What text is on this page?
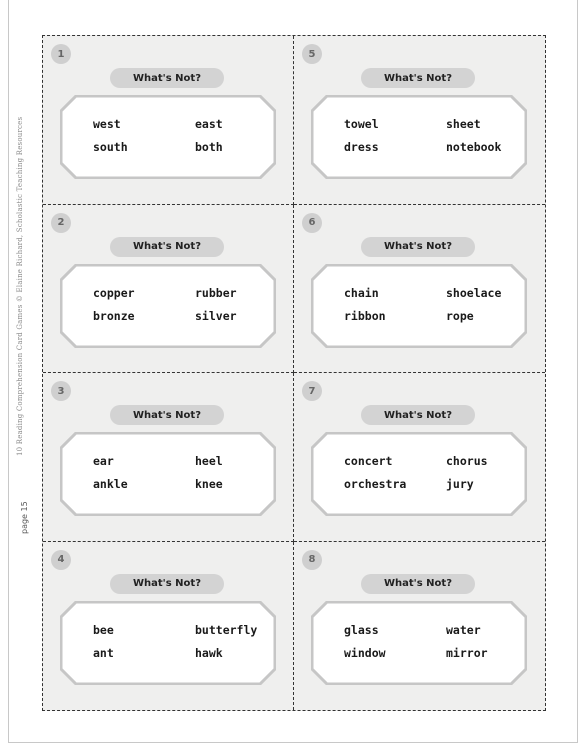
10 Reading Comprehension Card Games © Elaine Richard, Scholastic Teaching Resources
page 15
1
What's Not?
west	east
south	both
5
What's Not?
towel	sheet
dress	notebook
2
What's Not?
copper	rubber
bronze	silver
6
What's Not?
chain	shoelace
ribbon	rope
3
What's Not?
ear	heel
ankle	knee
7
What's Not?
concert	chorus
orchestra	jury
4
What's Not?
bee	butterfly
ant	hawk
8
What's Not?
glass	water
window	mirror
